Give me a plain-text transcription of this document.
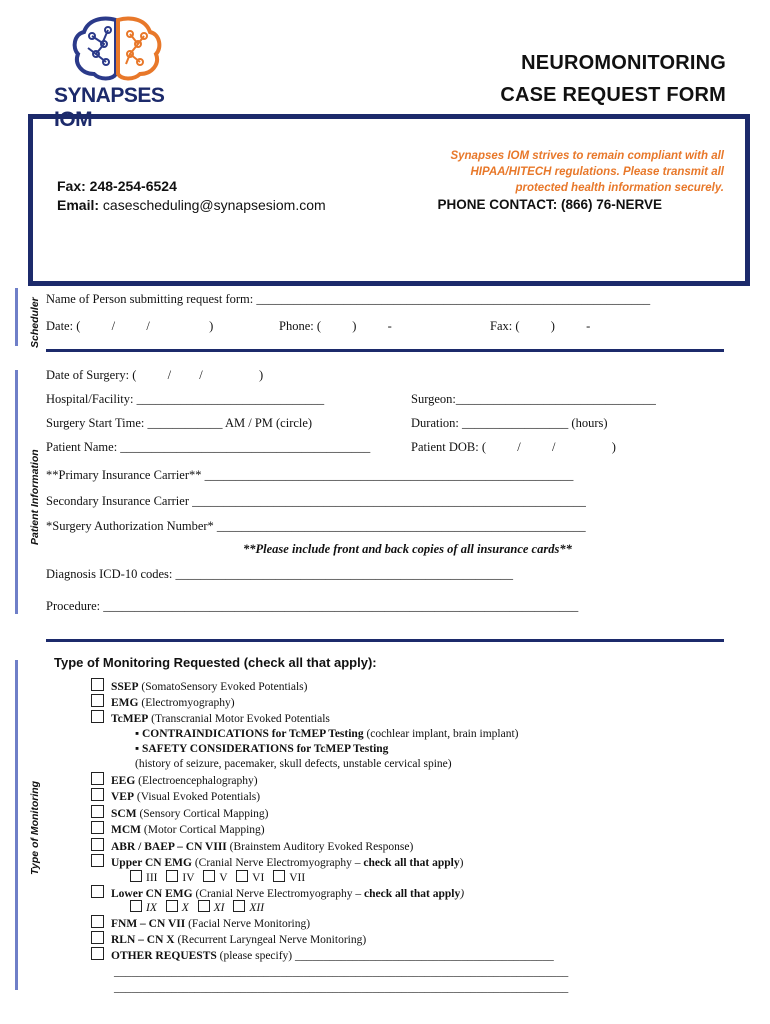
SYNAPSES IOM
NEUROMONITORING
CASE REQUEST FORM
Fax: 248-254-6524
Email: casescheduling@synapsesiom.com
Synapses IOM strives to remain compliant with all
HIPAA/HITECH regulations. Please transmit all
protected health information securely.
PHONE CONTACT: (866) 76-NERVE
Scheduler Name of Person submitting request form: _______________________________________________________________
Date: (          /          /                   )	Phone: (          )          -	Fax: (          )          -
Patient Information
Date of Surgery: (          /         /                  )
Hospital/Facility: ______________________________	Surgeon:________________________________
Surgery Start Time: ____________ AM / PM (circle)	Duration: _________________ (hours)
Patient Name: ________________________________________	Patient DOB: (          /          /                  )
**Primary Insurance Carrier** ___________________________________________________________
Secondary Insurance Carrier _______________________________________________________________
*Surgery Authorization Number* ___________________________________________________________
**Please include front and back copies of all insurance cards**
Diagnosis ICD-10 codes: ______________________________________________________
Procedure: ____________________________________________________________________________
Type of Monitoring
Type of Monitoring Requested (check all that apply):
SSEP (SomatoSensory Evoked Potentials)
EMG (Electromyography)
TcMEP (Transcranial Motor Evoked Potentials
▪ CONTRAINDICATIONS for TcMEP Testing (cochlear implant, brain implant)
▪ SAFETY CONSIDERATIONS for TcMEP Testing
(history of seizure, pacemaker, skull defects, unstable cervical spine)
EEG (Electroencephalography)
VEP (Visual Evoked Potentials)
SCM (Sensory Cortical Mapping)
MCM (Motor Cortical Mapping)
ABR / BAEP – CN VIII (Brainstem Auditory Evoked Response)
Upper CN EMG (Cranial Nerve Electromyography – check all that apply)
III IV V VI VII
Lower CN EMG (Cranial Nerve Electromyography – check all that apply)
IX X XI XII
FNM – CN VII (Facial Nerve Monitoring)
RLN – CN X (Recurrent Laryngeal Nerve Monitoring)
OTHER REQUESTS (please specify) _____________________________________________
_______________________________________________________________________________
_______________________________________________________________________________
